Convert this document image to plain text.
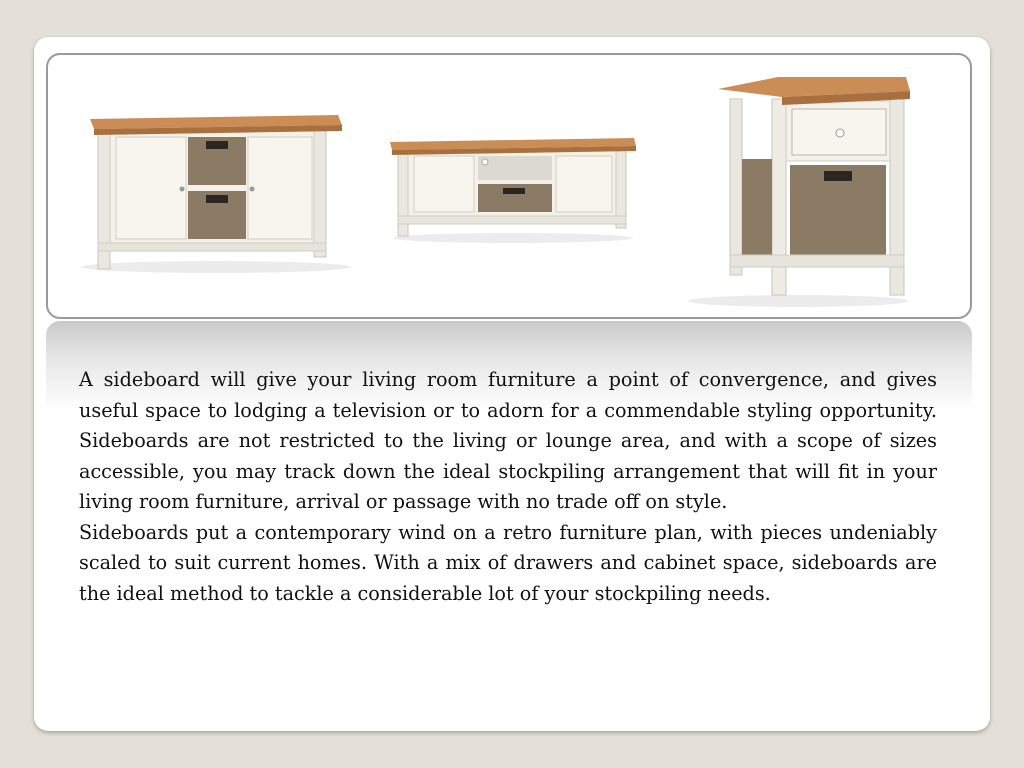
A sideboard will give your living room furniture a point of convergence, and gives useful space to lodging a television or to adorn for a commendable styling opportunity. Sideboards are not restricted to the living or lounge area, and with a scope of sizes accessible, you may track down the ideal stockpiling arrangement that will fit in your living room furniture, arrival or passage with no trade off on style.

Sideboards put a contemporary wind on a retro furniture plan, with pieces undeniably scaled to suit current homes. With a mix of drawers and cabinet space, sideboards are the ideal method to tackle a considerable lot of your stockpiling needs.
